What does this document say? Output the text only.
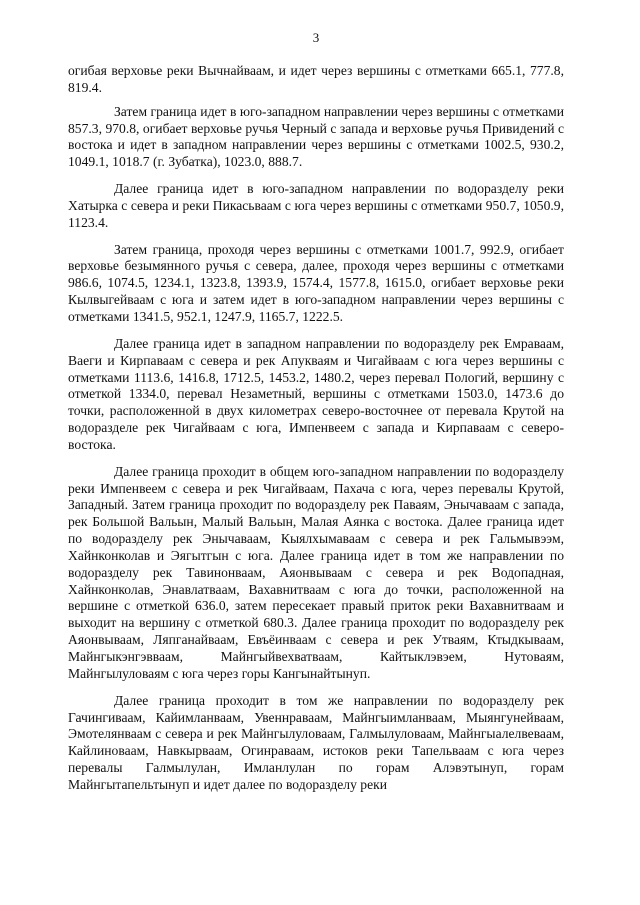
3

огибая верховье реки Вычнайваам, и идет через вершины с отметками 665.1, 777.8, 819.4.

Затем граница идет в юго-западном направлении через вершины с отметками 857.3, 970.8, огибает верховье ручья Черный с запада и верховье ручья Привидений с востока и идет в западном направлении через вершины с отметками 1002.5, 930.2, 1049.1, 1018.7 (г. Зубатка), 1023.0, 888.7.

Далее граница идет в юго-западном направлении по водоразделу реки Хатырка с севера и реки Пикасьваам с юга через вершины с отметками 950.7, 1050.9, 1123.4.

Затем граница, проходя через вершины с отметками 1001.7, 992.9, огибает верховье безымянного ручья с севера, далее, проходя через вершины с отметками 986.6, 1074.5, 1234.1, 1323.8, 1393.9, 1574.4, 1577.8, 1615.0, огибает верховье реки Кылвыгейваам с юга и затем идет в юго-западном направлении через вершины с отметками 1341.5, 952.1, 1247.9, 1165.7, 1222.5.

Далее граница идет в западном направлении по водоразделу рек Емраваам, Ваеги и Кирпаваам с севера и рек Апукваям и Чигайваам с юга через вершины с отметками 1113.6, 1416.8, 1712.5, 1453.2, 1480.2, через перевал Пологий, вершину с отметкой 1334.0, перевал Незаметный, вершины с отметками 1503.0, 1473.6 до точки, расположенной в двух километрах северо-восточнее от перевала Крутой на водоразделе рек Чигайваам с юга, Импенвеем с запада и Кирпаваам с северо-востока.

Далее граница проходит в общем юго-западном направлении по водоразделу реки Импенвеем с севера и рек Чигайваам, Пахача с юга, через перевалы Крутой, Западный. Затем граница проходит по водоразделу рек Паваям, Энычаваам с запада, рек Большой Вальын, Малый Вальын, Малая Аянка с востока. Далее граница идет по водоразделу рек Энычаваам, Кыялхымаваам с севера и рек Гальмывээм, Хайнконколав и Эягытгын с юга. Далее граница идет в том же направлении по водоразделу рек Тавинонваам, Аяонвываам с севера и рек Водопадная, Хайнконколав, Энавлатваам, Вахавнитваам с юга до точки, расположенной на вершине с отметкой 636.0, затем пересекает правый приток реки Вахавнитваам и выходит на вершину с отметкой 680.3. Далее граница проходит по водоразделу рек Аяонвываам, Ляпганайваам, Евъёинваам с севера и рек Утваям, Ктыдкываам, Майнгыкэнгэвваам, Майнгыйвехватваам, Кайтыклэвэем, Нутоваям, Майнгылуловаям с юга через горы Кангынайтынуп.

Далее граница проходит в том же направлении по водоразделу рек Гачингиваам, Кайимланваам, Увеннраваам, Майнгыимланваам, Мыянгунейваам, Эмотелянваам с севера и рек Майнгылуловаам, Галмылуловаам, Майнгыалелвеваам, Кайлиноваам, Навкырваам, Огинраваам, истоков реки Тапельваам с юга через перевалы Галмылулан, Имланлулан по горам Алэвэтынуп, горам Майнгытапельтынуп и идет далее по водоразделу реки
